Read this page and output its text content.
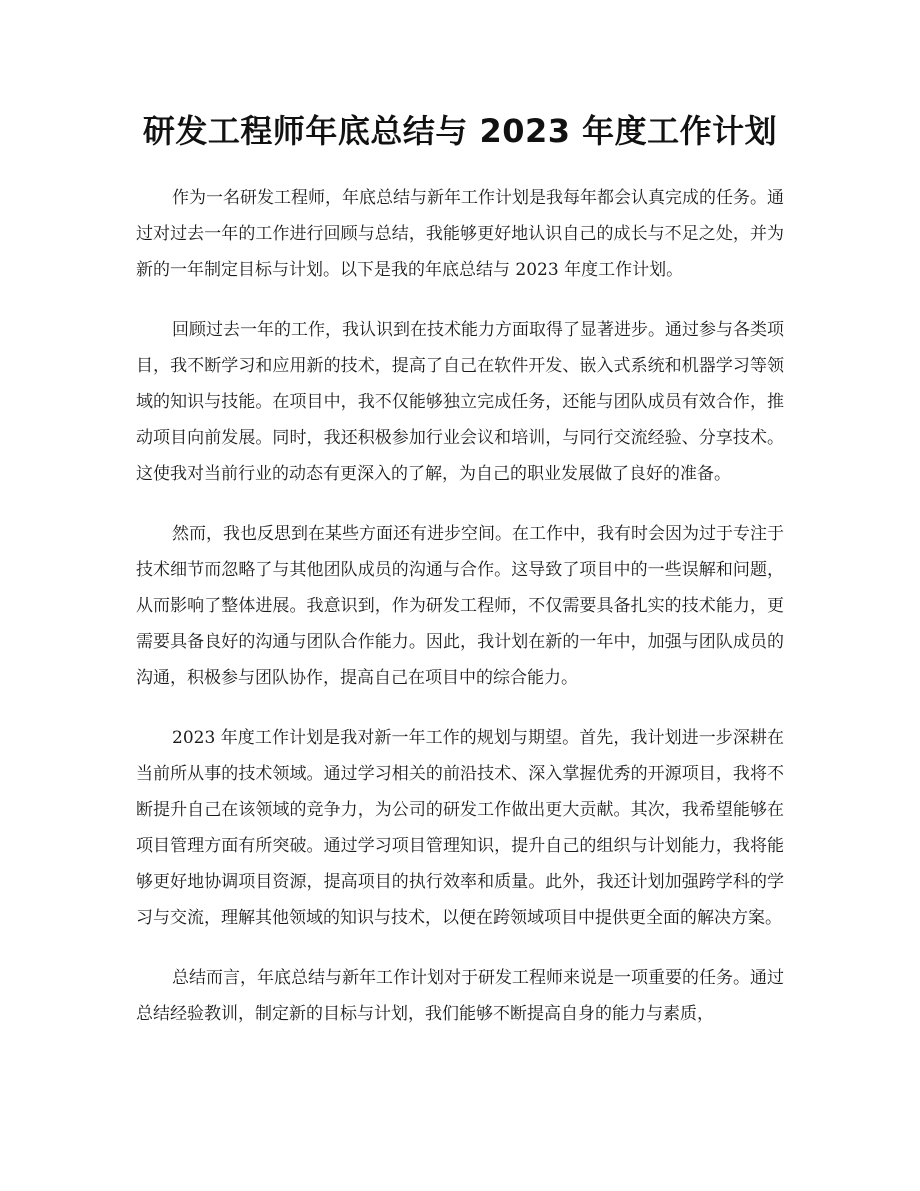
研发工程师年底总结与 2023 年度工作计划

作为一名研发工程师，年底总结与新年工作计划是我每年都会认真完成的任务。通过对过去一年的工作进行回顾与总结，我能够更好地认识自己的成长与不足之处，并为新的一年制定目标与计划。以下是我的年底总结与 2023 年度工作计划。

回顾过去一年的工作，我认识到在技术能力方面取得了显著进步。通过参与各类项目，我不断学习和应用新的技术，提高了自己在软件开发、嵌入式系统和机器学习等领域的知识与技能。在项目中，我不仅能够独立完成任务，还能与团队成员有效合作，推动项目向前发展。同时，我还积极参加行业会议和培训，与同行交流经验、分享技术。这使我对当前行业的动态有更深入的了解，为自己的职业发展做了良好的准备。

然而，我也反思到在某些方面还有进步空间。在工作中，我有时会因为过于专注于技术细节而忽略了与其他团队成员的沟通与合作。这导致了项目中的一些误解和问题，从而影响了整体进展。我意识到，作为研发工程师，不仅需要具备扎实的技术能力，更需要具备良好的沟通与团队合作能力。因此，我计划在新的一年中，加强与团队成员的沟通，积极参与团队协作，提高自己在项目中的综合能力。

2023 年度工作计划是我对新一年工作的规划与期望。首先，我计划进一步深耕在当前所从事的技术领域。通过学习相关的前沿技术、深入掌握优秀的开源项目，我将不断提升自己在该领域的竞争力，为公司的研发工作做出更大贡献。其次，我希望能够在项目管理方面有所突破。通过学习项目管理知识，提升自己的组织与计划能力，我将能够更好地协调项目资源，提高项目的执行效率和质量。此外，我还计划加强跨学科的学习与交流，理解其他领域的知识与技术，以便在跨领域项目中提供更全面的解决方案。

总结而言，年底总结与新年工作计划对于研发工程师来说是一项重要的任务。通过总结经验教训，制定新的目标与计划，我们能够不断提高自身的能力与素质，
